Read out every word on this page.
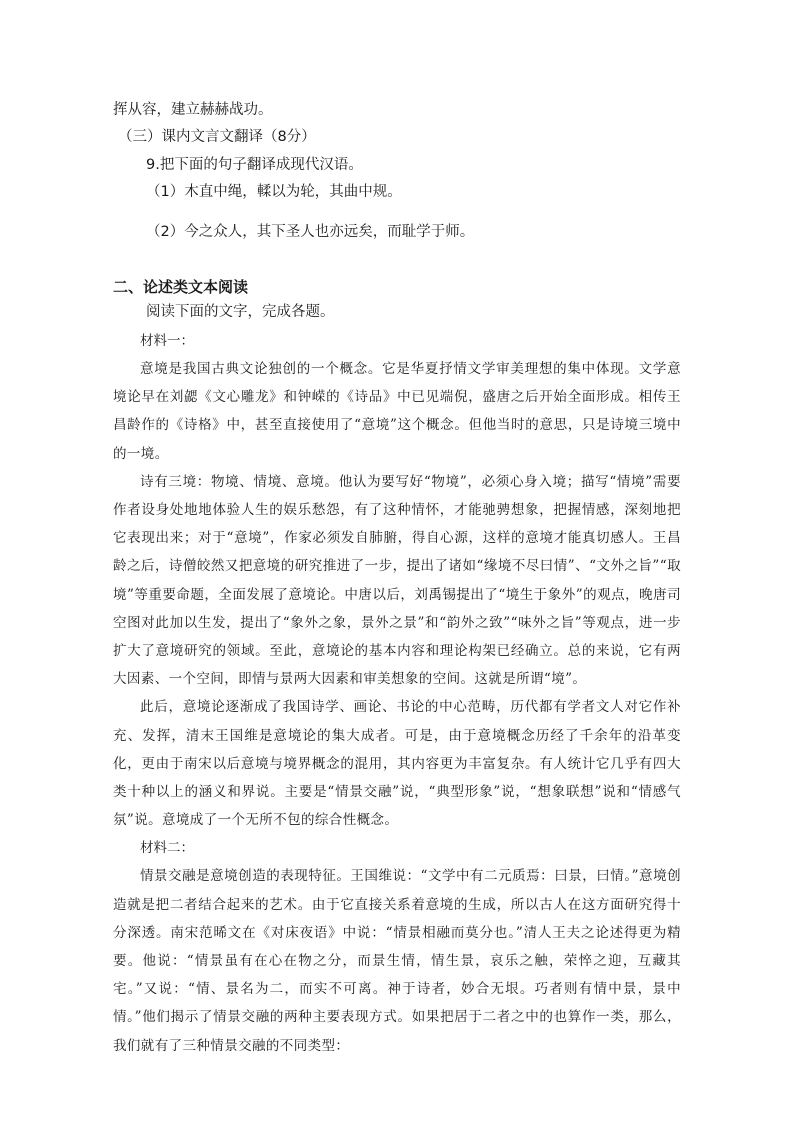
挥从容，建立赫赫战功。
（三）课内文言文翻译（8分）
9.把下面的句子翻译成现代汉语。
（1）木直中绳，輮以为轮，其曲中规。
（2）今之众人，其下圣人也亦远矣，而耻学于师。
二、论述类文本阅读
阅读下面的文字，完成各题。

材料一：

意境是我国古典文论独创的一个概念。它是华夏抒情文学审美理想的集中体现。文学意境论早在刘勰《文心雕龙》和钟嵘的《诗品》中已见端倪，盛唐之后开始全面形成。相传王昌龄作的《诗格》中，甚至直接使用了“意境”这个概念。但他当时的意思，只是诗境三境中的一境。

诗有三境：物境、情境、意境。他认为要写好“物境”，必须心身入境；描写“情境”需要作者设身处地地体验人生的娱乐愁怨，有了这种情怀，才能驰骋想象，把握情感，深刻地把它表现出来；对于“意境”，作家必须发自肺腑，得自心源，这样的意境才能真切感人。王昌龄之后，诗僧皎然又把意境的研究推进了一步，提出了诸如“缘境不尽曰情”、“文外之旨”“取境”等重要命题，全面发展了意境论。中唐以后，刘禹锡提出了“境生于象外”的观点，晚唐司空图对此加以生发，提出了“象外之象，景外之景”和“韵外之致”“味外之旨”等观点，进一步扩大了意境研究的领域。至此，意境论的基本内容和理论构架已经确立。总的来说，它有两大因素、一个空间，即情与景两大因素和审美想象的空间。这就是所谓“境”。

此后，意境论逐渐成了我国诗学、画论、书论的中心范畴，历代都有学者文人对它作补充、发挥，清末王国维是意境论的集大成者。可是，由于意境概念历经了千余年的沿革变化，更由于南宋以后意境与境界概念的混用，其内容更为丰富复杂。有人统计它几乎有四大类十种以上的涵义和界说。主要是“情景交融”说，“典型形象”说，“想象联想”说和“情感气氛”说。意境成了一个无所不包的综合性概念。

材料二：

情景交融是意境创造的表现特征。王国维说：“文学中有二元质焉：曰景，曰情。”意境创造就是把二者结合起来的艺术。由于它直接关系着意境的生成，所以古人在这方面研究得十分深透。南宋范晞文在《对床夜语》中说：“情景相融而莫分也。”清人王夫之论述得更为精要。他说：“情景虽有在心在物之分，而景生情，情生景，哀乐之触，荣悴之迎，互藏其宅。”又说：“情、景名为二，而实不可离。神于诗者，妙合无垠。巧者则有情中景，景中情。”他们揭示了情景交融的两种主要表现方式。如果把居于二者之中的也算作一类，那么，我们就有了三种情景交融的不同类型：
